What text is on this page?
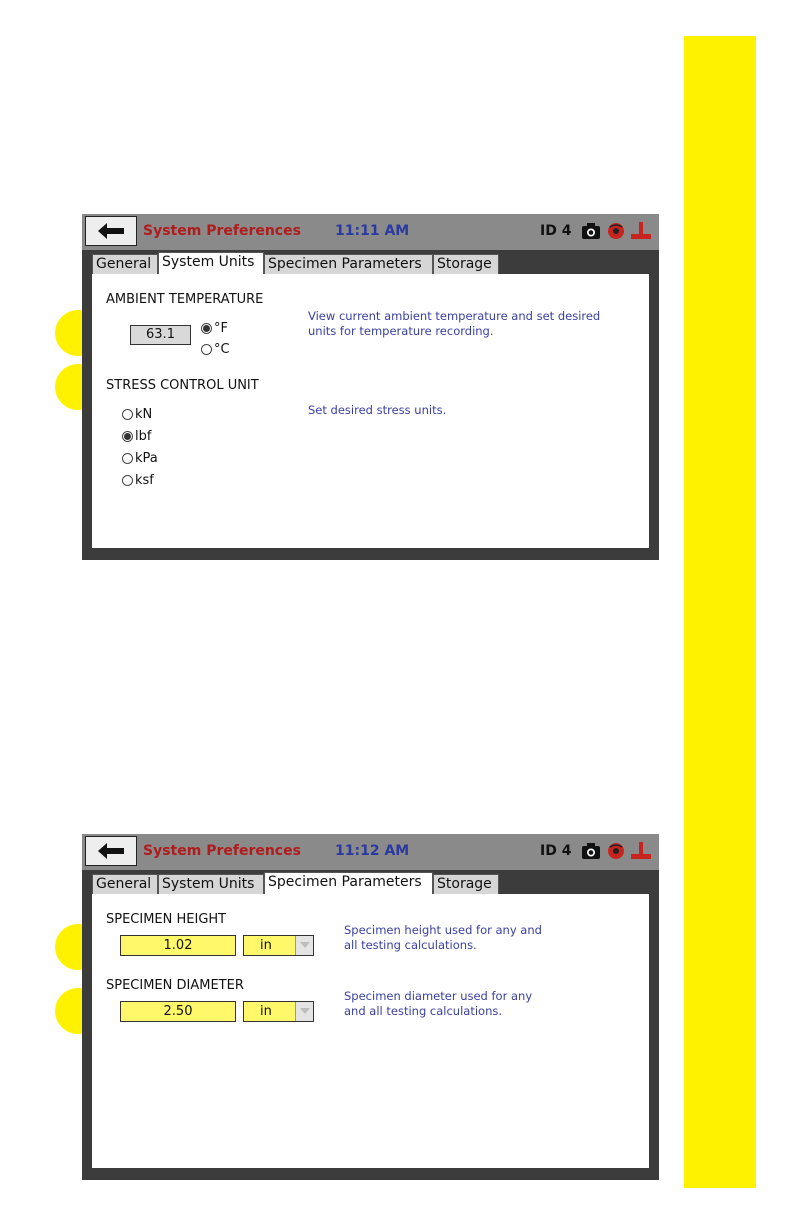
System Preferences 11:11 AM	ID 4
General System Units Specimen Parameters	Storage
AMBIENT TEMPERATURE
63.1	°F
°C
View current ambient temperature and set desired
units for temperature recording.
STRESS CONTROL UNIT
kN
lbf
kPa
ksf
Set desired stress units.
System Preferences 11:12 AM	ID 4
General System Units Specimen Parameters	Storage
SPECIMEN HEIGHT
1.02	in
Specimen height used for any and
all testing calculations.
SPECIMEN DIAMETER
2.50	in
Specimen diameter used for any
and all testing calculations.
